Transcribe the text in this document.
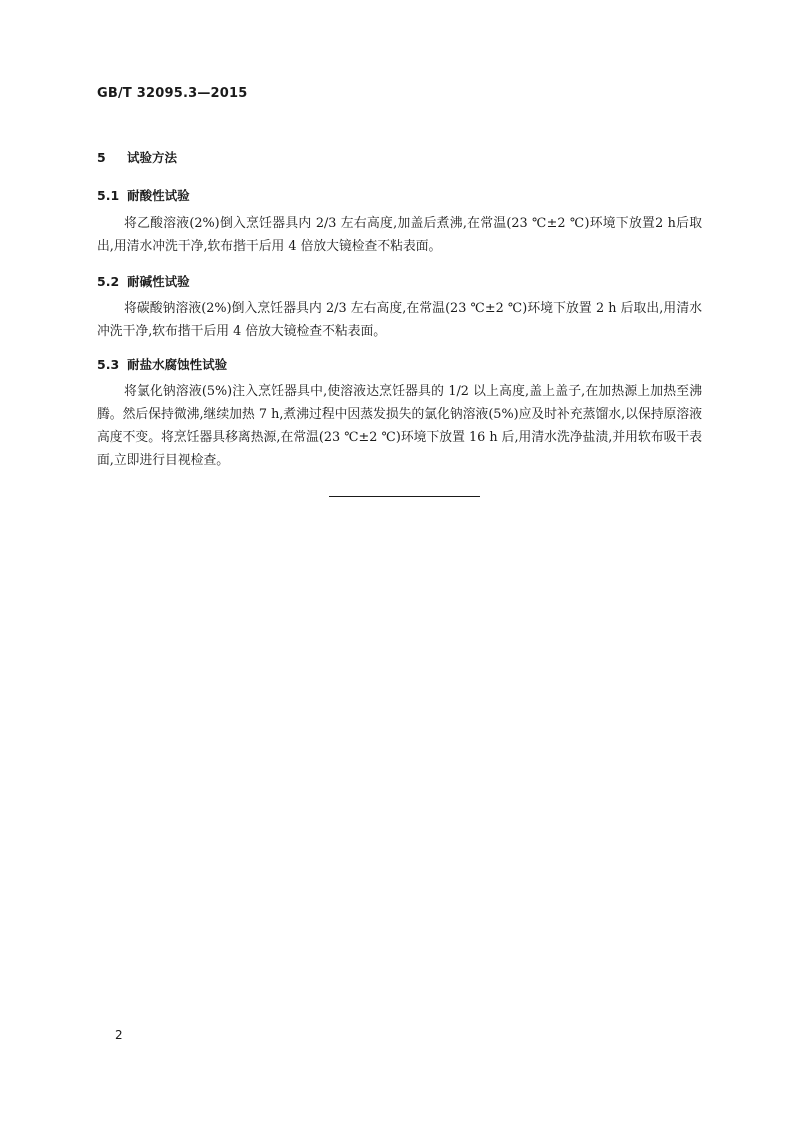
GB/T 32095.3—2015
5 试验方法
5.1 耐酸性试验
将乙酸溶液(2%)倒入烹饪器具内 2/3 左右高度,加盖后煮沸,在常温(23 ℃±2 ℃)环境下放置2 h后取出,用清水冲洗干净,软布揩干后用 4 倍放大镜检查不粘表面。
5.2 耐碱性试验
将碳酸钠溶液(2%)倒入烹饪器具内 2/3 左右高度,在常温(23 ℃±2 ℃)环境下放置 2 h 后取出,用清水冲洗干净,软布揩干后用 4 倍放大镜检查不粘表面。
5.3 耐盐水腐蚀性试验
将氯化钠溶液(5%)注入烹饪器具中,使溶液达烹饪器具的 1/2 以上高度,盖上盖子,在加热源上加热至沸腾。然后保持微沸,继续加热 7 h,煮沸过程中因蒸发损失的氯化钠溶液(5%)应及时补充蒸馏水,以保持原溶液高度不变。将烹饪器具移离热源,在常温(23 ℃±2 ℃)环境下放置 16 h 后,用清水洗净盐渍,并用软布吸干表面,立即进行目视检查。
2
